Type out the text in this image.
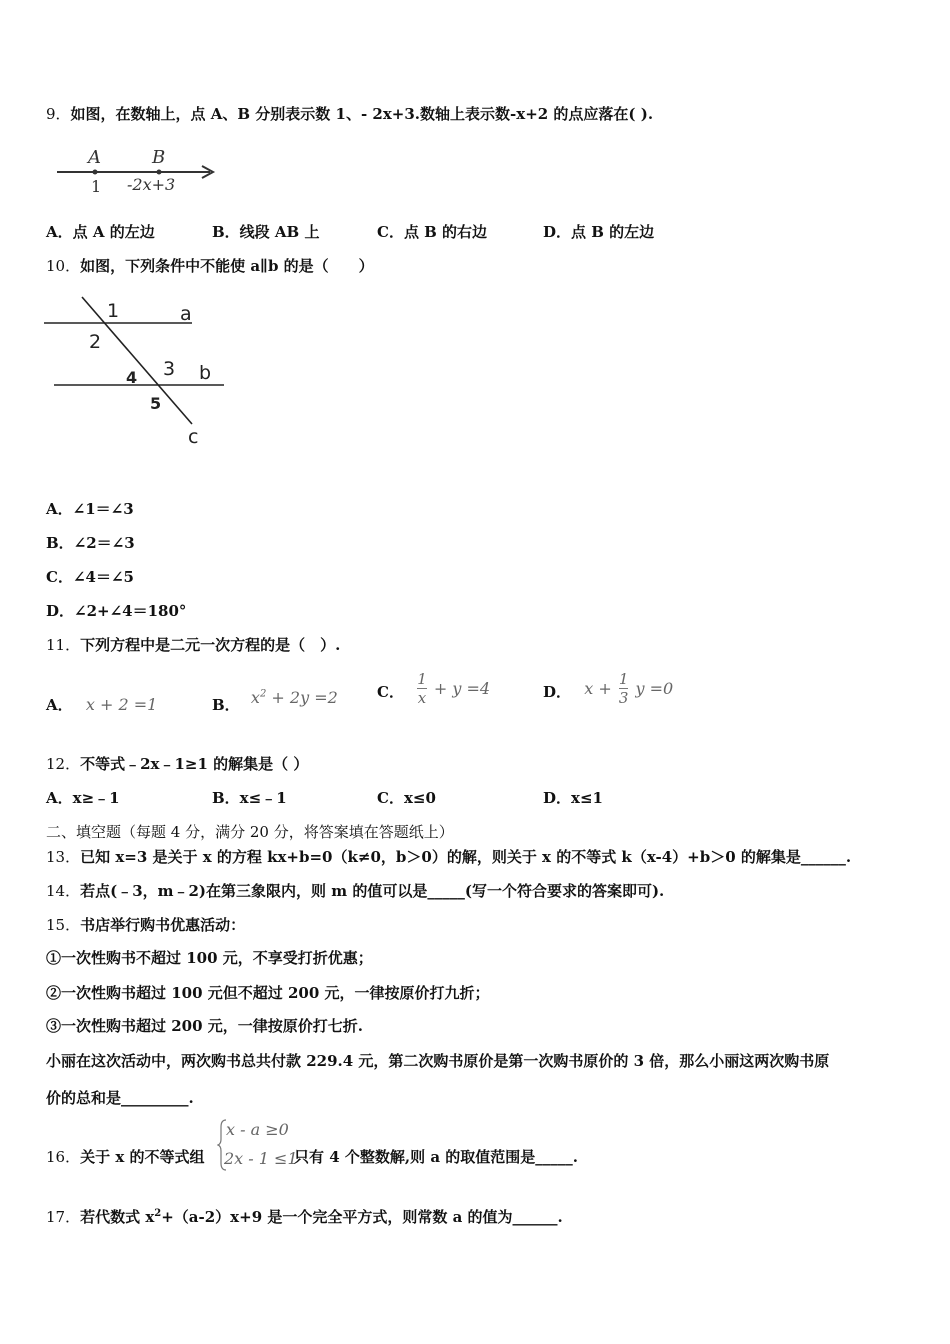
9．如图，在数轴上，点 A、B 分别表示数 1、- 2x+3.数轴上表示数-x+2 的点应落在( ).
A	B
1 -2x+3
A．点 A 的左边	B．线段 AB 上	C．点 B 的右边	D．点 B 的左边
10．如图，下列条件中不能使 a∥b 的是（　　）
1	a
2
3 b
4
5
c
A．∠1＝∠3
B．∠2＝∠3
C．∠4＝∠5
D．∠2+∠4＝180°
11．下列方程中是二元一次方程的是（　）.
A． x + 2 =1	B． $x^2 + 2y =2$	C． $\frac{1}{x} + y =4$	D． $x + \frac{1}{3}$ y =0
12．不等式﹣2x﹣1≥1 的解集是（ ）
A．x≥﹣1	B．x≤﹣1	C．x≤0	D．x≤1
二、填空题（每题 4 分，满分 20 分，将答案填在答题纸上）
13．已知 x=3 是关于 x 的方程 kx+b=0（k≠0，b＞0）的解，则关于 x 的不等式 k（x-4）+b＞0 的解集是______.
14．若点(﹣3，m﹣2)在第三象限内，则 m 的值可以是_____(写一个符合要求的答案即可).
15．书店举行购书优惠活动：
①一次性购书不超过 100 元，不享受打折优惠；
②一次性购书超过 100 元但不超过 200 元，一律按原价打九折；
③一次性购书超过 200 元，一律按原价打七折.
小丽在这次活动中，两次购书总共付款 229.4 元，第二次购书原价是第一次购书原价的 3 倍，那么小丽这两次购书原
价的总和是_________.
16．关于 x 的不等式组
x - a ≥0
2x - 1 ≤1
只有 4 个整数解,则 a 的取值范围是_____.
17．若代数式 $x^2+(a-2)x+9$ 是一个完全平方式，则常数 a 的值为______.
